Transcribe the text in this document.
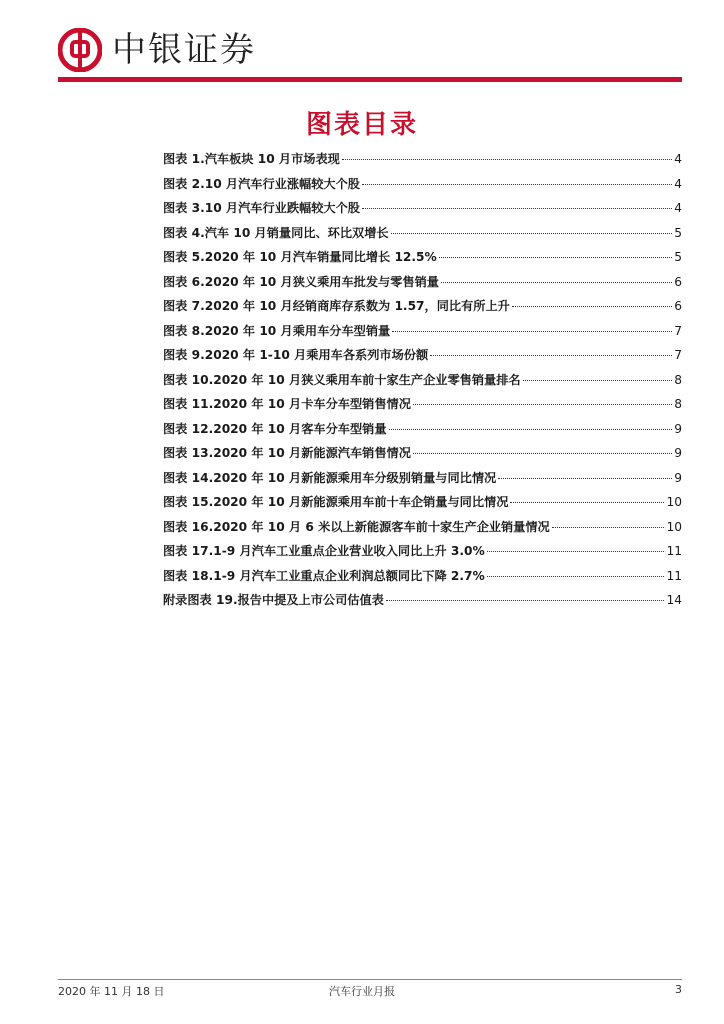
中银证券
图表目录
图表 1.汽车板块 10 月市场表现	4
图表 2.10 月汽车行业涨幅较大个股	4
图表 3.10 月汽车行业跌幅较大个股	4
图表 4.汽车 10 月销量同比、环比双增长	5
图表 5.2020 年 10 月汽车销量同比增长 12.5%	5
图表 6.2020 年 10 月狭义乘用车批发与零售销量	6
图表 7.2020 年 10 月经销商库存系数为 1.57，同比有所上升	6
图表 8.2020 年 10 月乘用车分车型销量	7
图表 9.2020 年 1-10 月乘用车各系列市场份额	7
图表 10.2020 年 10 月狭义乘用车前十家生产企业零售销量排名	8
图表 11.2020 年 10 月卡车分车型销售情况	8
图表 12.2020 年 10 月客车分车型销量	9
图表 13.2020 年 10 月新能源汽车销售情况	9
图表 14.2020 年 10 月新能源乘用车分级别销量与同比情况	9
图表 15.2020 年 10 月新能源乘用车前十车企销量与同比情况	10
图表 16.2020 年 10 月 6 米以上新能源客车前十家生产企业销量情况	10
图表 17.1-9 月汽车工业重点企业营业收入同比上升 3.0%	11
图表 18.1-9 月汽车工业重点企业利润总额同比下降 2.7%	11
附录图表 19.报告中提及上市公司估值表	14
2020 年 11 月 18 日	汽车行业月报	3
